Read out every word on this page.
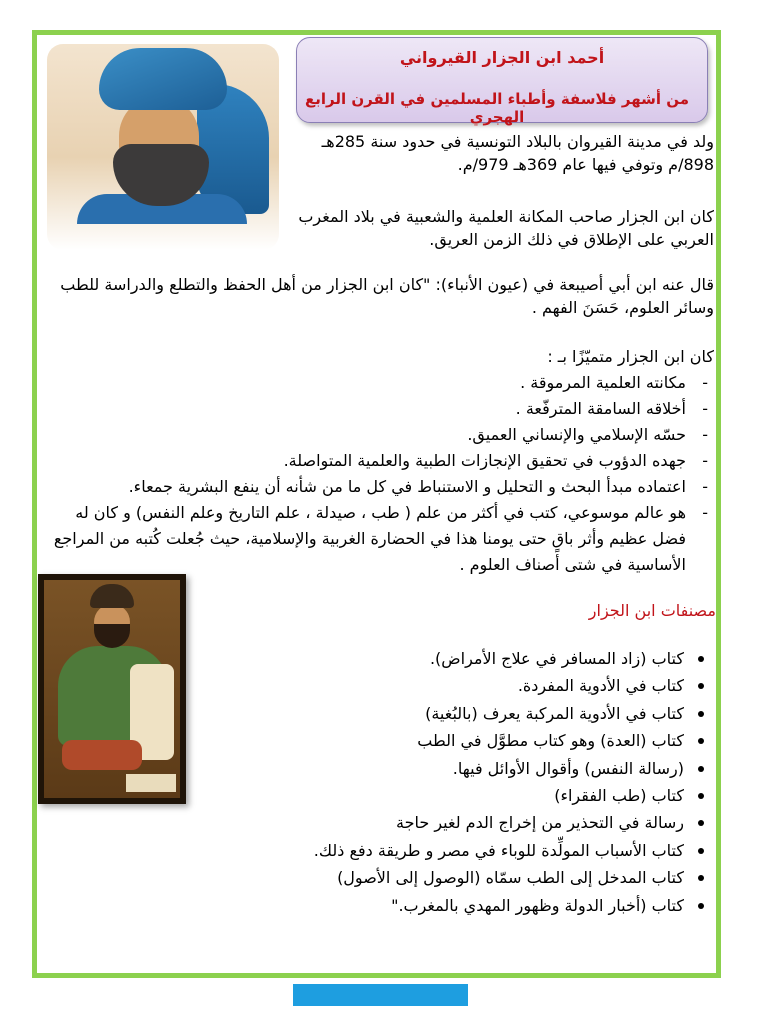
أحمد ابن الجزار القيرواني
من أشهر فلاسفة وأطباء المسلمين في القرن الرابع الهجري
ولد في مدينة القيروان بالبلاد التونسية في حدود سنة 285هـ 898/م وتوفي فيها عام 369هـ 979/م.
كان ابن الجزار صاحب المكانة العلمية والشعبية في بلاد المغرب العربي على الإطلاق في ذلك الزمن العريق.
قال عنه ابن أبي أصيبعة في (عيون الأنباء): "كان ابن الجزار من أهل الحفظ والتطلع والدراسة للطب وسائر العلوم، حَسَنَ الفهم .
كان ابن الجزار متميّزًا بـ :
- مكانته العلمية المرموقة .
- أخلاقه السامقة المترفّعة .
- حسّه الإسلامي والإنساني العميق.
- جهده الدؤوب في تحقيق الإنجازات الطبية والعلمية المتواصلة.
- اعتماده مبدأ البحث و التحليل و الاستنباط في كل ما من شأنه أن ينفع البشرية جمعاء.
- هو عالم موسوعي، كتب في أكثر من علم ( طب ، صيدلة ، علم التاريخ وعلم النفس) و كان له فضل عظيم وأثر باقٍ حتى يومنا هذا في الحضارة الغربية والإسلامية، حيث جُعلت كُتبه من المراجع الأساسية في شتى أصناف العلوم .
مصنفات ابن الجزار
كتاب (زاد المسافر في علاج الأمراض).
كتاب في الأدوية المفردة.
كتاب في الأدوية المركبة يعرف (بالبُغية)
كتاب (العدة) وهو كتاب مطوَّل في الطب
(رسالة النفس) وأقوال الأوائل فيها.
كتاب (طب الفقراء)
رسالة في التحذير من إخراج الدم لغير حاجة
كتاب الأسباب المولِّدة للوباء في مصر و طريقة دفع ذلك.
كتاب المدخل إلى الطب سمّاه (الوصول إلى الأصول)
كتاب (أخبار الدولة وظهور المهدي بالمغرب."
